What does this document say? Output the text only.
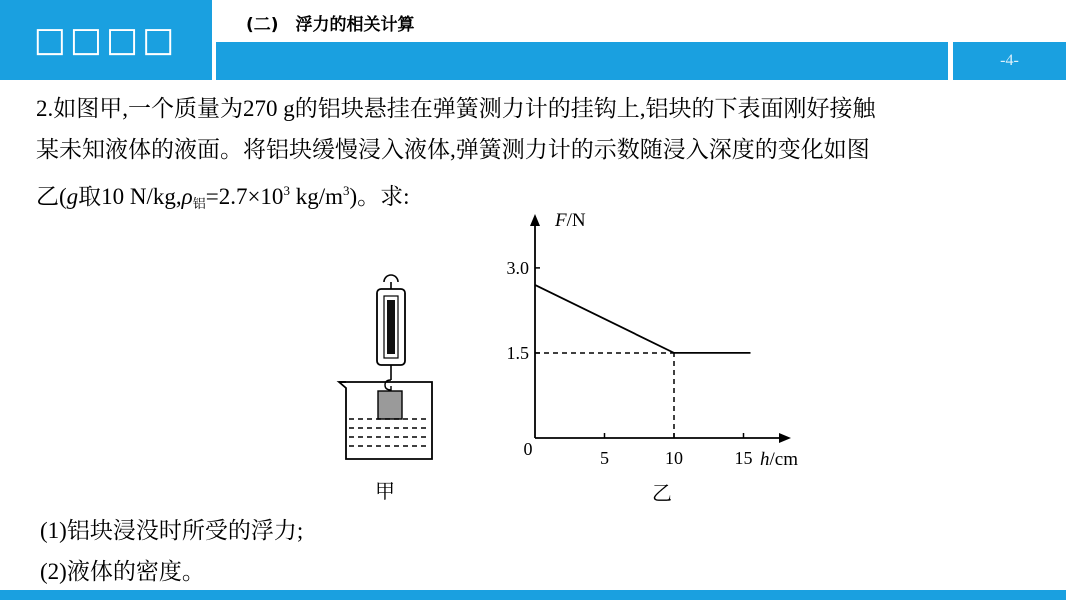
□□□□	(二)　浮力的相关计算
-4-
2.如图甲,一个质量为270 g的铝块悬挂在弹簧测力计的挂钩上,铝块的下表面刚好接触
某未知液体的液面。将铝块缓慢浸入液体,弹簧测力计的示数随浸入深度的变化如图
乙(g取10 $N/kg,\rho_铝=2.7\times 10^3$ $kg/m^3$)。求:
甲
F/N
h/cm
0	5	10	15
1.5
3.0
乙
(1)铝块浸没时所受的浮力;
(2)液体的密度。
